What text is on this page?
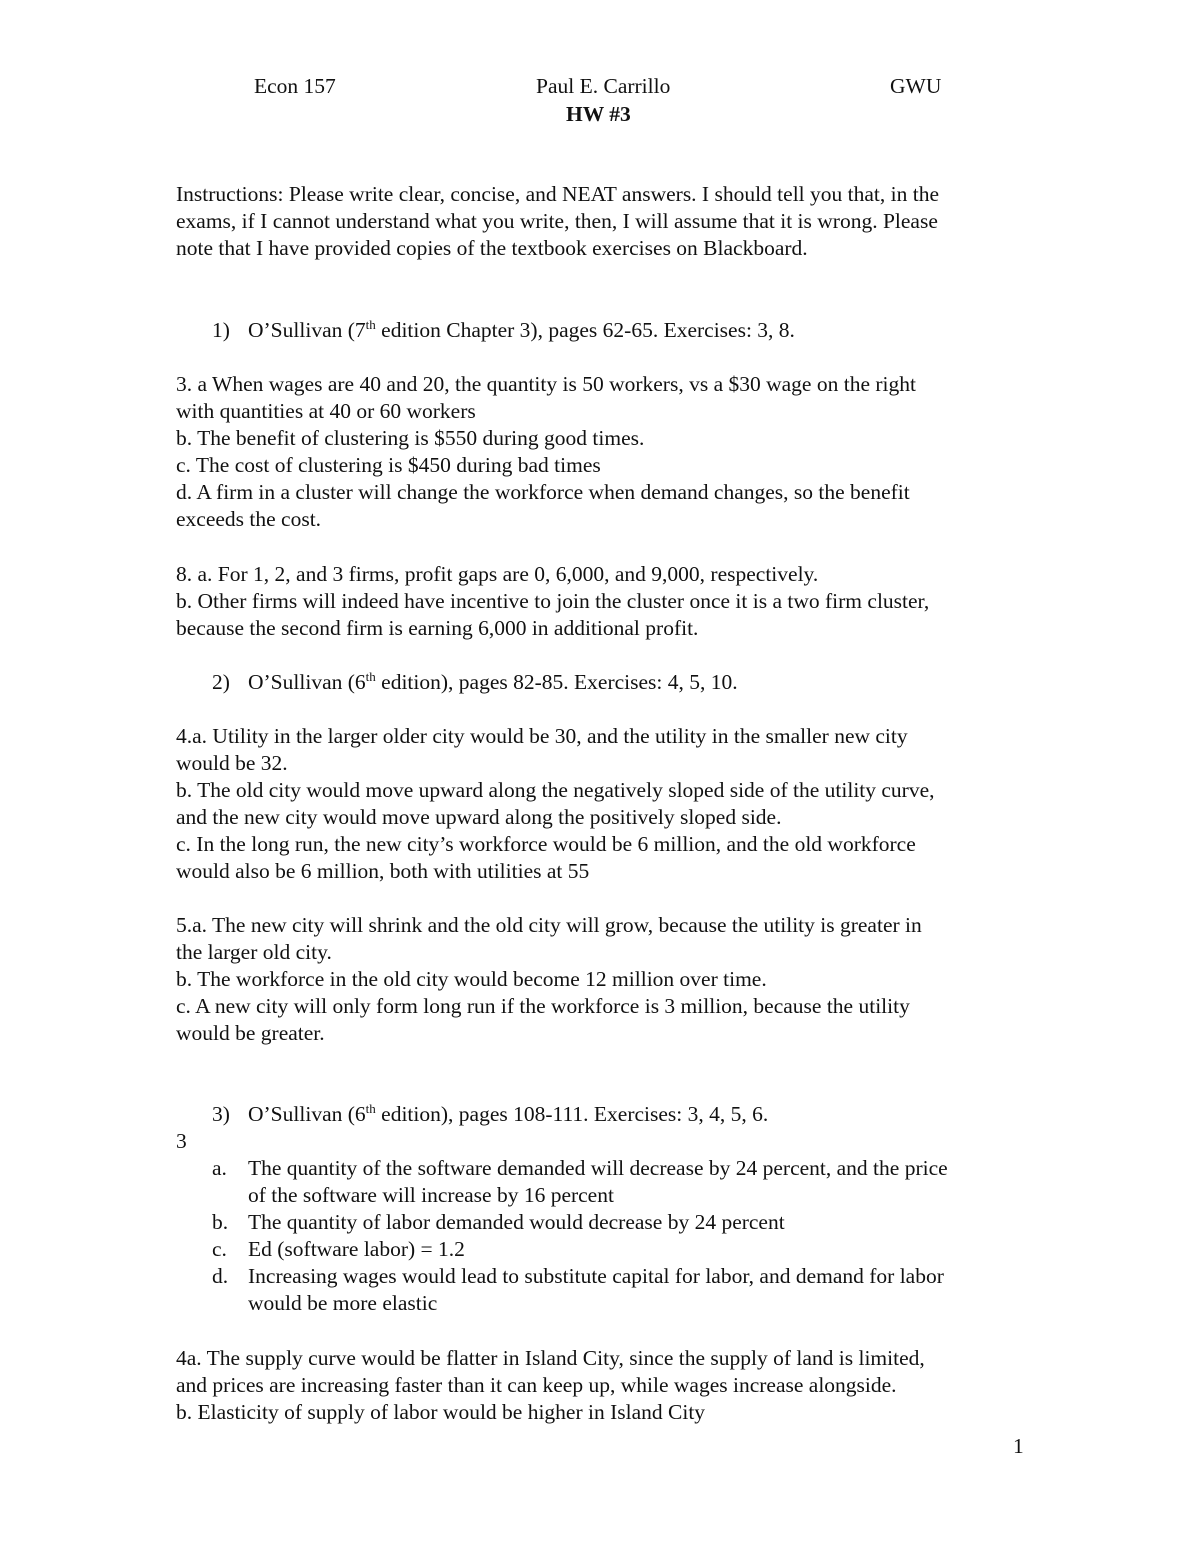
Econ 157	Paul E. Carrillo	GWU
HW #3
Instructions: Please write clear, concise, and NEAT answers. I should tell you that, in the
exams, if I cannot understand what you write, then, I will assume that it is wrong. Please
note that I have provided copies of the textbook exercises on Blackboard.
1) O’Sullivan (7th edition Chapter 3), pages 62-65. Exercises: 3, 8.
3. a When wages are 40 and 20, the quantity is 50 workers, vs a $30 wage on the right
with quantities at 40 or 60 workers
b. The benefit of clustering is $550 during good times.
c. The cost of clustering is $450 during bad times
d. A firm in a cluster will change the workforce when demand changes, so the benefit
exceeds the cost.
8. a. For 1, 2, and 3 firms, profit gaps are 0, 6,000, and 9,000, respectively.
b. Other firms will indeed have incentive to join the cluster once it is a two firm cluster,
because the second firm is earning 6,000 in additional profit.
2) O’Sullivan (6th edition), pages 82-85. Exercises: 4, 5, 10.
4.a. Utility in the larger older city would be 30, and the utility in the smaller new city
would be 32.
b. The old city would move upward along the negatively sloped side of the utility curve,
and the new city would move upward along the positively sloped side.
c. In the long run, the new city’s workforce would be 6 million, and the old workforce
would also be 6 million, both with utilities at 55
5.a. The new city will shrink and the old city will grow, because the utility is greater in
the larger old city.
b. The workforce in the old city would become 12 million over time.
c. A new city will only form long run if the workforce is 3 million, because the utility
would be greater.
3) O’Sullivan (6th edition), pages 108-111. Exercises: 3, 4, 5, 6.
3
a. The quantity of the software demanded will decrease by 24 percent, and the price
of the software will increase by 16 percent
b. The quantity of labor demanded would decrease by 24 percent
c. Ed (software labor) = 1.2
d. Increasing wages would lead to substitute capital for labor, and demand for labor
would be more elastic
4a. The supply curve would be flatter in Island City, since the supply of land is limited,
and prices are increasing faster than it can keep up, while wages increase alongside.
b. Elasticity of supply of labor would be higher in Island City
1
